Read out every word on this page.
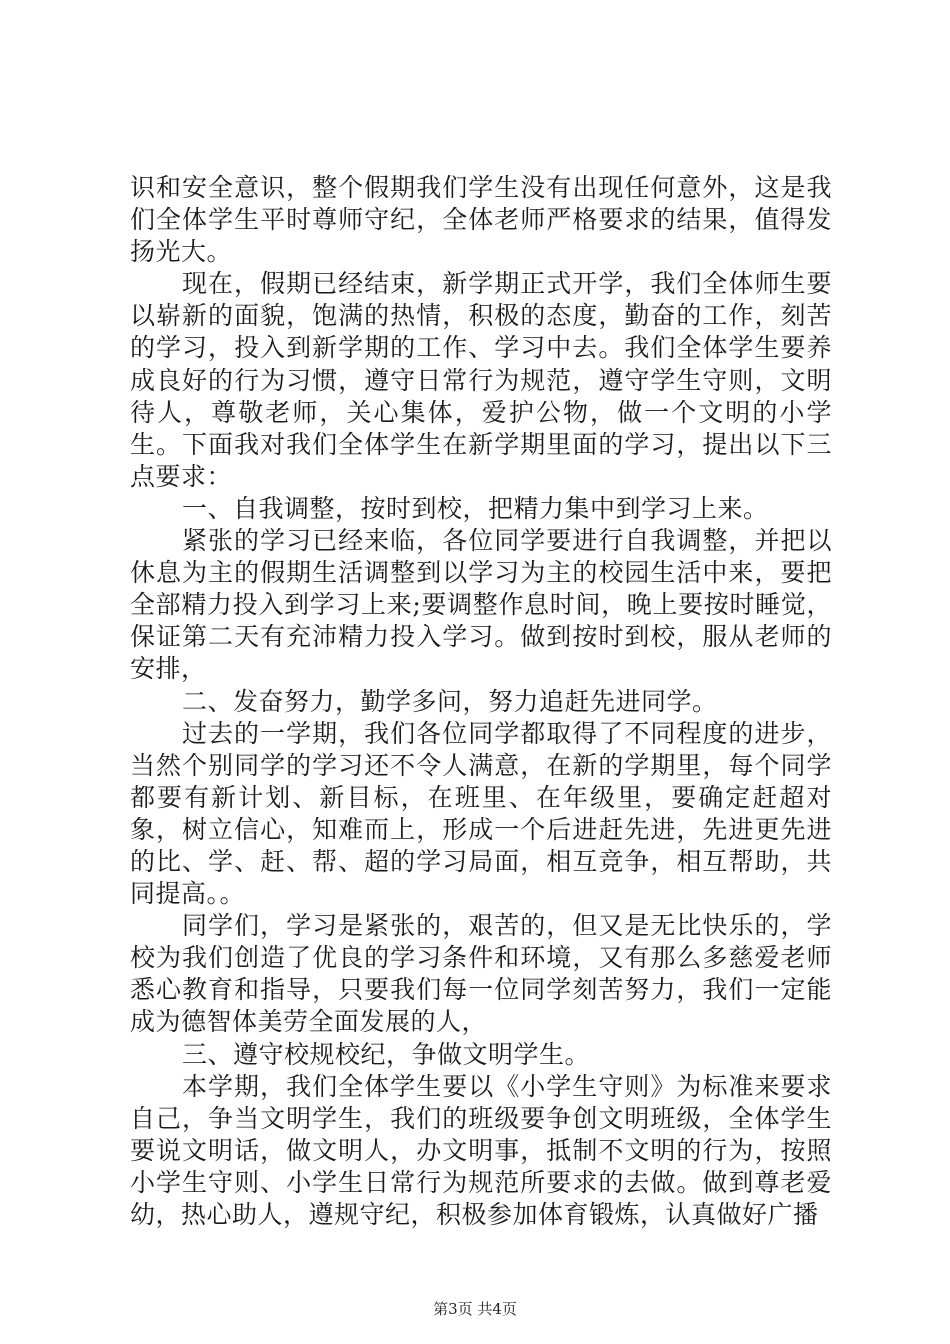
识和安全意识，整个假期我们学生没有出现任何意外，这是我们全体学生平时尊师守纪，全体老师严格要求的结果，值得发扬光大。

现在，假期已经结束，新学期正式开学，我们全体师生要以崭新的面貌，饱满的热情，积极的态度，勤奋的工作，刻苦的学习，投入到新学期的工作、学习中去。我们全体学生要养成良好的行为习惯，遵守日常行为规范，遵守学生守则，文明待人，尊敬老师，关心集体，爱护公物，做一个文明的小学生。下面我对我们全体学生在新学期里面的学习，提出以下三点要求：

一、自我调整，按时到校，把精力集中到学习上来。

紧张的学习已经来临，各位同学要进行自我调整，并把以休息为主的假期生活调整到以学习为主的校园生活中来，要把全部精力投入到学习上来;要调整作息时间，晚上要按时睡觉，保证第二天有充沛精力投入学习。做到按时到校，服从老师的安排，

二、发奋努力，勤学多问，努力追赶先进同学。

过去的一学期，我们各位同学都取得了不同程度的进步，当然个别同学的学习还不令人满意，在新的学期里，每个同学都要有新计划、新目标，在班里、在年级里，要确定赶超对象，树立信心，知难而上，形成一个后进赶先进，先进更先进的比、学、赶、帮、超的学习局面，相互竞争，相互帮助，共同提高。。

同学们，学习是紧张的，艰苦的，但又是无比快乐的，学校为我们创造了优良的学习条件和环境，又有那么多慈爱老师悉心教育和指导，只要我们每一位同学刻苦努力，我们一定能成为德智体美劳全面发展的人，

三、遵守校规校纪，争做文明学生。

本学期，我们全体学生要以《小学生守则》为标准来要求自己，争当文明学生，我们的班级要争创文明班级，全体学生要说文明话，做文明人，办文明事，抵制不文明的行为，按照小学生守则、小学生日常行为规范所要求的去做。做到尊老爱幼，热心助人，遵规守纪，积极参加体育锻炼，认真做好广播

第3页 共4页
